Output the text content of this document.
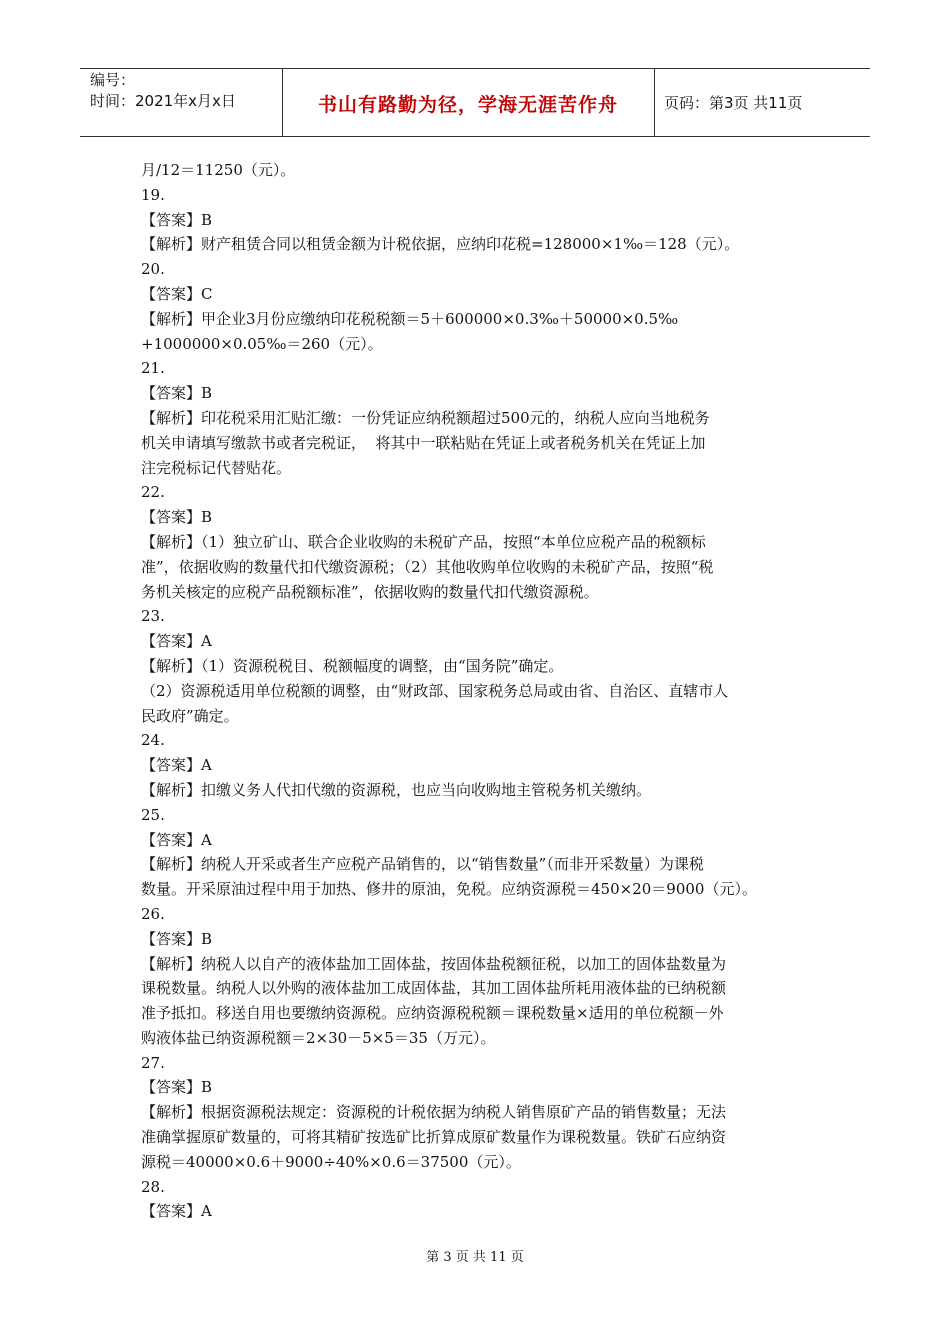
编号：
时间：2021年x月x日	书山有路勤为径，学海无涯苦作舟	页码：第3页 共11页
月/12＝11250（元）。
19.
【答案】B
【解析】财产租赁合同以租赁金额为计税依据，应纳印花税=128000×1‰＝128（元）。
20.
【答案】C
【解析】甲企业3月份应缴纳印花税税额＝5＋600000×0.3‰＋50000×0.5‰
+1000000×0.05‰＝260（元）。
21.
【答案】B
【解析】印花税采用汇贴汇缴：一份凭证应纳税额超过500元的，纳税人应向当地税务
机关申请填写缴款书或者完税证，  将其中一联粘贴在凭证上或者税务机关在凭证上加
注完税标记代替贴花。
22.
【答案】B
【解析】（1）独立矿山、联合企业收购的未税矿产品，按照“本单位应税产品的税额标
准”，依据收购的数量代扣代缴资源税；（2）其他收购单位收购的未税矿产品，按照“税
务机关核定的应税产品税额标准”，依据收购的数量代扣代缴资源税。
23.
【答案】A
【解析】（1）资源税税目、税额幅度的调整，由“国务院”确定。
（2）资源税适用单位税额的调整，由“财政部、国家税务总局或由省、自治区、直辖市人
民政府”确定。
24.
【答案】A
【解析】扣缴义务人代扣代缴的资源税，也应当向收购地主管税务机关缴纳。
25.
【答案】A
【解析】纳税人开采或者生产应税产品销售的，以“销售数量”（而非开采数量）为课税
数量。开采原油过程中用于加热、修井的原油，免税。应纳资源税＝450×20＝9000（元）。
26.
【答案】B
【解析】纳税人以自产的液体盐加工固体盐，按固体盐税额征税，以加工的固体盐数量为
课税数量。纳税人以外购的液体盐加工成固体盐，其加工固体盐所耗用液体盐的已纳税额
准予抵扣。移送自用也要缴纳资源税。应纳资源税税额＝课税数量×适用的单位税额－外
购液体盐已纳资源税额＝2×30－5×5＝35（万元）。
27.
【答案】B
【解析】根据资源税法规定：资源税的计税依据为纳税人销售原矿产品的销售数量；无法
准确掌握原矿数量的，可将其精矿按选矿比折算成原矿数量作为课税数量。铁矿石应纳资
源税＝40000×0.6＋9000÷40%×0.6＝37500（元）。
28.
【答案】A
第 3 页 共 11 页
